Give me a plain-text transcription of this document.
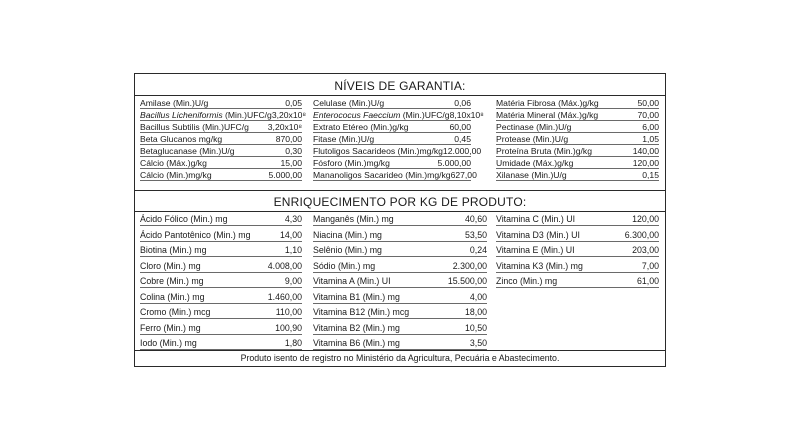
NÍVEIS DE GARANTIA:
Amilase (Min.)U/g	0,05
Bacillus Licheniformis (Min.)UFC/g 3,20x10⁸
Bacillus Subtilis (Min.)UFC/g 3,20x10⁸
Beta Glucanos mg/kg	870,00
Betaglucanase (Min.)U/g	0,30
Cálcio (Máx.)g/kg	15,00
Cálcio (Min.)mg/kg	5.000,00
Celulase (Min.)U/g	0,06
Enterococus Faeccium (Min.)UFC/g 8,10x10⁸
Extrato Etéreo (Min.)g/kg	60,00
Fitase (Min.)U/g	0,45
Flutoligos Sacarideos (Min.)mg/kg 12.000,00
Fósforo (Min.)mg/kg	5.000,00
Mananoligos Sacarideo (Min.)mg/kg 627,00
Matéria Fibrosa (Máx.)g/kg	50,00
Matéria Mineral (Máx.)g/kg	70,00
Pectinase (Min.)U/g	6,00
Protease (Min.)U/g	1,05
Proteína Bruta (Min.)g/kg	140,00
Umidade (Máx.)g/kg	120,00
Xilanase (Min.)U/g	0,15
ENRIQUECIMENTO POR KG DE PRODUTO:
Ácido Fólico (Min.) mg	4,30
Ácido Pantotênico (Min.) mg	14,00
Biotina (Min.) mg	1,10
Cloro (Min.) mg	4.008,00
Cobre (Min.) mg	9,00
Colina (Min.) mg	1.460,00
Cromo (Min.) mcg	110,00
Ferro (Min.) mg	100,90
Iodo (Min.) mg	1,80
Manganês (Min.) mg	40,60
Niacina (Min.) mg	53,50
Selênio (Min.) mg	0,24
Sódio (Min.) mg	2.300,00
Vitamina A (Min.) UI	15.500,00
Vitamina B1 (Min.) mg	4,00
Vitamina B12 (Min.) mcg	18,00
Vitamina B2 (Min.) mg	10,50
Vitamina B6 (Min.) mg	3,50
Vitamina C (Min.) UI	120,00
Vitamina D3 (Min.) UI	6.300,00
Vitamina E (Min.) UI	203,00
Vitamina K3 (Min.) mg	7,00
Zinco (Min.) mg	61,00
Produto isento de registro no Ministério da Agricultura, Pecuária e Abastecimento.
